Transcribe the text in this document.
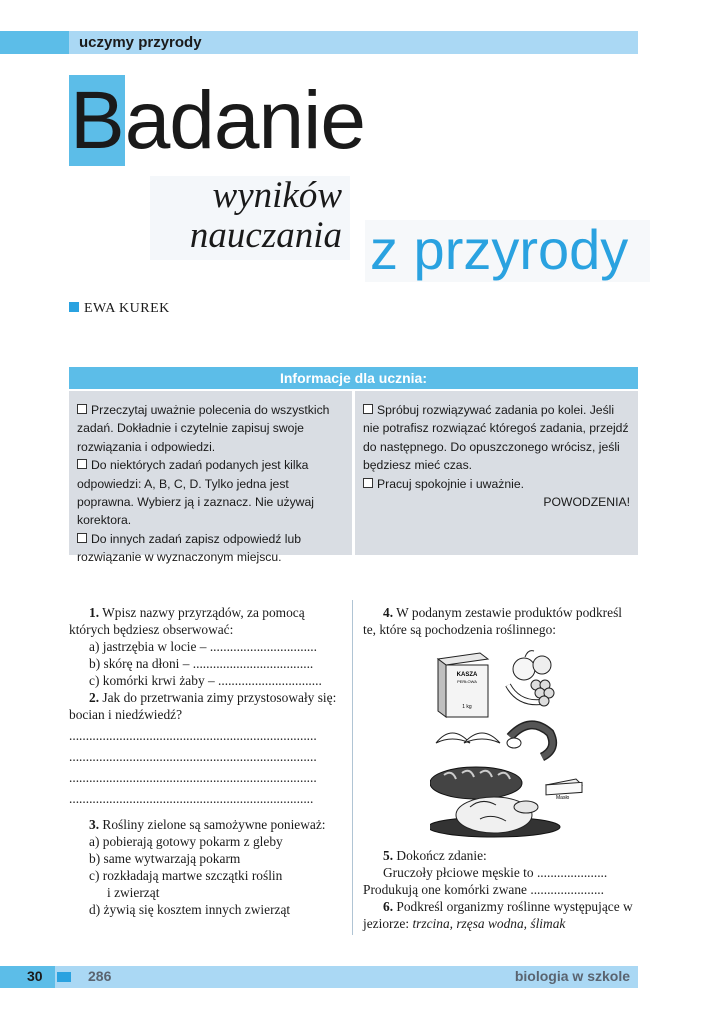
uczymy przyrody
Badanie
wyników
nauczania z przyrody
EWA KUREK
Informacje dla ucznia:

Przeczytaj uważnie polecenia do wszystkich zadań. Dokładnie i czytelnie zapisuj swoje rozwiązania i odpowiedzi.

Do niektórych zadań podanych jest kilka odpowiedzi: A, B, C, D. Tylko jedna jest poprawna. Wybierz ją i zaznacz. Nie używaj korektora.

Do innych zadań zapisz odpowiedź lub rozwiązanie w wyznaczonym miejscu.

Spróbuj rozwiązywać zadania po kolei. Jeśli nie potrafisz rozwiązać któregoś zadania, przejdź do następnego. Do opuszczonego wrócisz, jeśli będziesz mieć czas.

Pracuj spokojnie i uważnie.

POWODZENIA!

1. Wpisz nazwy przyrządów, za pomocą których będziesz obserwować:

a) jastrzębia w locie – ................................

b) skórę na dłoni – ....................................

c) komórki krwi żaby – ...............................

2. Jak do przetrwania zimy przystosowały się: bocian i niedźwiedź?

..........................................................................

..........................................................................

..........................................................................

.........................................................................

3. Rośliny zielone są samożywne ponieważ:

a) pobierają gotowy pokarm z gleby

b) same wytwarzają pokarm

c) rozkładają martwe szczątki roślin

i zwierząt

d) żywią się kosztem innych zwierząt

4. W podanym zestawie produktów podkreśl te, które są pochodzenia roślinnego:

KASZA
PERŁOWA
1 kg
Masło

5. Dokończ zdanie:

Gruczoły płciowe męskie to .....................

Produkują one komórki zwane ......................

6. Podkreśl organizmy roślinne występujące w jeziorze: trzcina, rzęsa wodna, ślimak

30	286	biologia w szkole
